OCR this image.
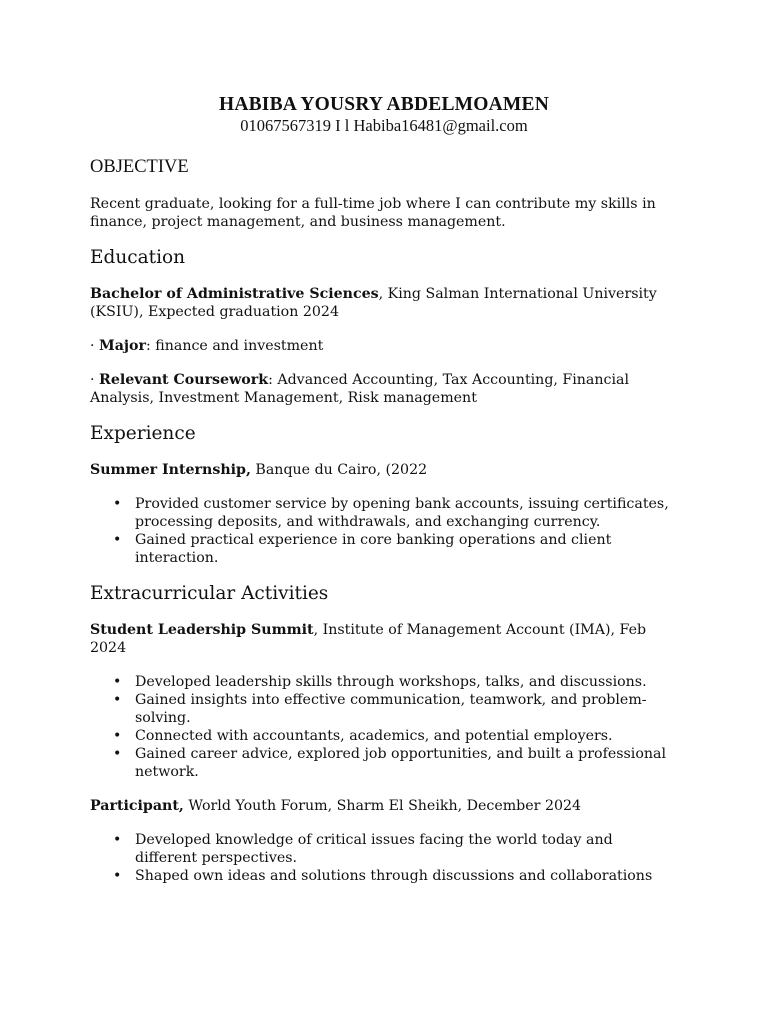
HABIBA YOUSRY ABDELMOAMEN

01067567319 I l Habiba16481@gmail.com

OBJECTIVE

Recent graduate, looking for a full-time job where I can contribute my skills in finance, project management, and business management.

Education

Bachelor of Administrative Sciences, King Salman International University (KSIU), Expected graduation 2024

· Major: finance and investment

· Relevant Coursework: Advanced Accounting, Tax Accounting, Financial Analysis, Investment Management, Risk management

Experience

Summer Internship, Banque du Cairo, (2022

• Provided customer service by opening bank accounts, issuing certificates, processing deposits, and withdrawals, and exchanging currency.
• Gained practical experience in core banking operations and client interaction.
Extracurricular Activities

Student Leadership Summit, Institute of Management Account (IMA), Feb 2024

• Developed leadership skills through workshops, talks, and discussions.
• Gained insights into effective communication, teamwork, and problem-solving.
• Connected with accountants, academics, and potential employers.
• Gained career advice, explored job opportunities, and built a professional network.

Participant, World Youth Forum, Sharm El Sheikh, December 2024

• Developed knowledge of critical issues facing the world today and different perspectives.
• Shaped own ideas and solutions through discussions and collaborations
